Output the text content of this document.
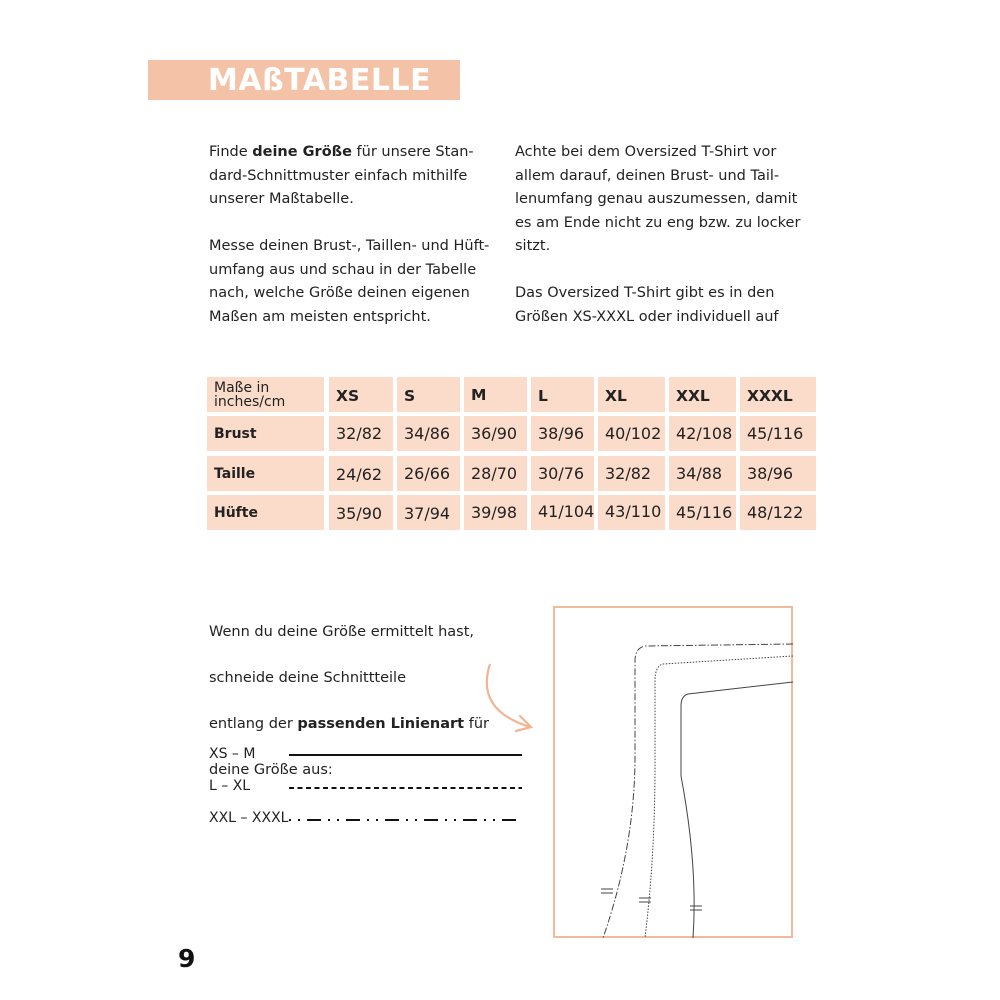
MAßTABELLE
Finde deine Größe für unsere Stan-
dard-Schnittmuster einfach mithilfe
unserer Maßtabelle.
Messe deinen Brust-, Taillen- und Hüft-
umfang aus und schau in der Tabelle
nach, welche Größe deinen eigenen
Maßen am meisten entspricht.
Achte bei dem Oversized T-Shirt vor
allem darauf, deinen Brust- und Tail-
lenumfang genau auszumessen, damit
es am Ende nicht zu eng bzw. zu locker
sitzt.
Das Oversized T-Shirt gibt es in den
Größen XS-XXXL oder individuell auf
Maße in
inches/cm	XS	S	M	L	XL	XXL	XXXL
Brust	32/82	34/86	36/90	38/96	40/102 42/108 45/116
Taille	24/62	26/66	28/70	30/76	32/82	34/88	38/96
Hüfte	35/90	37/94	39/98	41/104 43/110 45/116 48/122

Wenn du deine Größe ermittelt hast,

schneide deine Schnittteile

entlang der passenden Linienart für

deine Größe aus:

XS – M
L – XL
XXL – XXXL
9
